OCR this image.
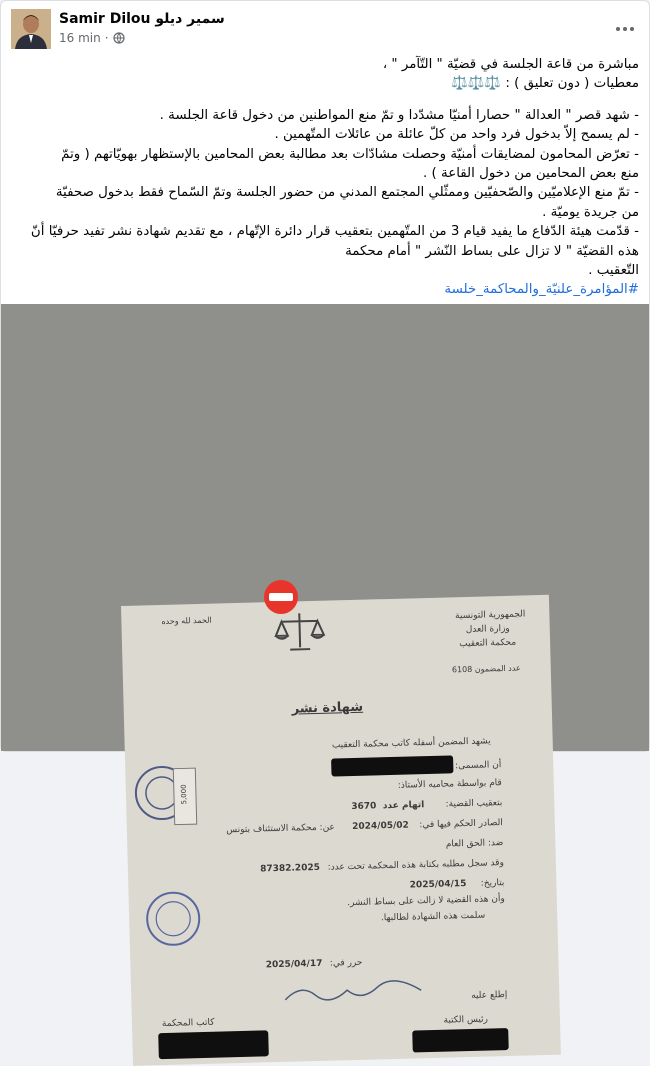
Samir Dilou سمير ديلو
16 min ·

مباشرة من قاعة الجلسة في قضيّة " التّآمر " ،

معطيات ( دون تعليق ) : ⚖️⚖️⚖️

- شهد قصر " العدالة " حصارا أمنيّا مشدّدا و تمّ منع المواطنين من دخول قاعة الجلسة .

- لم يسمح إلاّ بدخول فرد واحد من كلّ عائلة من عائلات المتّهمين .

- تعرّض المحامون لمضايقات أمنيّة وحصلت مشادّات بعد مطالبة بعض المحامين بالإستظهار بهويّاتهم ( وتمّ

منع بعض المحامين من دخول القاعة ) .

- تمّ منع الإعلاميّين والصّحفيّين وممثّلي المجتمع المدني من حضور الجلسة وتمّ السّماح فقط بدخول صحفيّة

من جريدة يوميّة .

- قدّمت هيئة الدّفاع ما يفيد قيام 3 من المتّهمين بتعقيب قرار دائرة الإتّهام ، مع تقديم شهادة نشر تفيد حرفيّا أنّ

هذه القضيّة " لا تزال على بساط النّشر " أمام محكمة

التّعقيب .

#المؤامرة_علنيّة_والمحاكمة_خلسة

الجمهورية التونسية
وزارة العدل
محكمة التعقيب
عدد المضمون 6108
الحمد لله وحده
شهادة نشر
يشهد المضمن أسفله كاتب محكمة التعقيب
أن المسمى:
قام بواسطة محاميه الأستاذ:
بتعقيب القضية:
اتهام عدد
3670
الصادر الحكم فيها في:
2024/05/02
عن: محكمة الاستئناف بتونس
ضد: الحق العام
وقد سجل مطلبه بكتابة هذه المحكمة تحت عدد:
87382.2025
بتاريخ:
2025/04/15
وأن هذه القضية لا زالت على بساط النشر.
سلمت هذه الشهادة لطالبها.
حرر في:
2025/04/17
إطلع عليه
رئيس الكتبة
كاتب المحكمة
5,000
